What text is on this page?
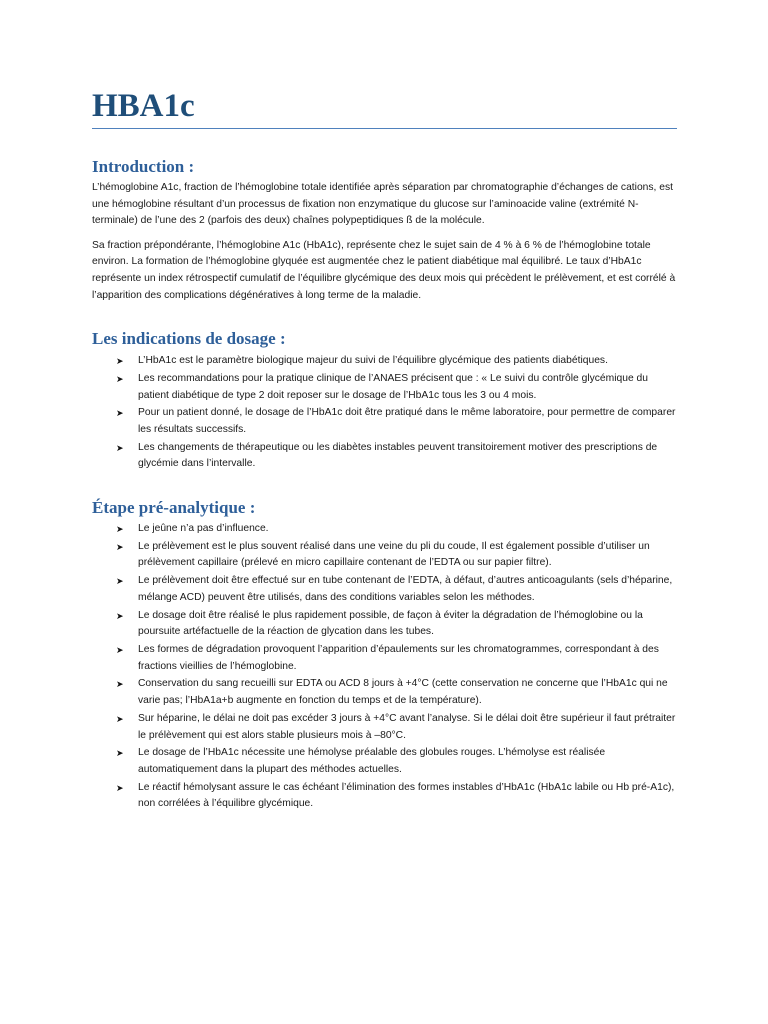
HBA1c
Introduction :

L’hémoglobine A1c, fraction de l’hémoglobine totale identifiée après séparation par chromatographie d’échanges de cations, est une hémoglobine résultant d’un processus de fixation non enzymatique du glucose sur l’aminoacide valine (extrémité N-terminale) de l’une des 2 (parfois des deux) chaînes polypeptidiques ß de la molécule.

Sa fraction prépondérante, l’hémoglobine A1c (HbA1c), représente chez le sujet sain de 4 % à 6 % de l’hémoglobine totale environ. La formation de l’hémoglobine glyquée est augmentée chez le patient diabétique mal équilibré. Le taux d’HbA1c représente un index rétrospectif cumulatif de l’équilibre glycémique des deux mois qui précèdent le prélèvement, et est corrélé à l’apparition des complications dégénératives à long terme de la maladie.

Les indications de dosage :
➤ L’HbA1c est le paramètre biologique majeur du suivi de l’équilibre glycémique des patients diabétiques.
➤ Les recommandations pour la pratique clinique de l’ANAES précisent que : « Le suivi du contrôle glycémique du patient diabétique de type 2 doit reposer sur le dosage de l’HbA1c tous les 3 ou 4 mois.
➤ Pour un patient donné, le dosage de l’HbA1c doit être pratiqué dans le même laboratoire, pour permettre de comparer les résultats successifs.
➤ Les changements de thérapeutique ou les diabètes instables peuvent transitoirement motiver des prescriptions de glycémie dans l’intervalle.
Étape pré-analytique :
➤ Le jeûne n’a pas d’influence.
➤ Le prélèvement est le plus souvent réalisé dans une veine du pli du coude, Il est également possible d’utiliser un prélèvement capillaire (prélevé en micro capillaire contenant de l’EDTA ou sur papier filtre).
➤ Le prélèvement doit être effectué sur en tube contenant de l’EDTA, à défaut, d’autres anticoagulants (sels d’héparine, mélange ACD) peuvent être utilisés, dans des conditions variables selon les méthodes.
➤ Le dosage doit être réalisé le plus rapidement possible, de façon à éviter la dégradation de l’hémoglobine ou la poursuite artéfactuelle de la réaction de glycation dans les tubes.
➤ Les formes de dégradation provoquent l’apparition d’épaulements sur les chromatogrammes, correspondant à des fractions vieillies de l’hémoglobine.
➤ Conservation du sang recueilli sur EDTA ou ACD 8 jours à +4°C (cette conservation ne concerne que l’HbA1c qui ne varie pas; l’HbA1a+b augmente en fonction du temps et de la température).
➤ Sur héparine, le délai ne doit pas excéder 3 jours à +4°C avant l’analyse. Si le délai doit être supérieur il faut prétraiter le prélèvement qui est alors stable plusieurs mois à –80°C.
➤ Le dosage de l’HbA1c nécessite une hémolyse préalable des globules rouges. L’hémolyse est réalisée automatiquement dans la plupart des méthodes actuelles.
➤ Le réactif hémolysant assure le cas échéant l’élimination des formes instables d’HbA1c (HbA1c labile ou Hb pré-A1c), non corrélées à l’équilibre glycémique.
